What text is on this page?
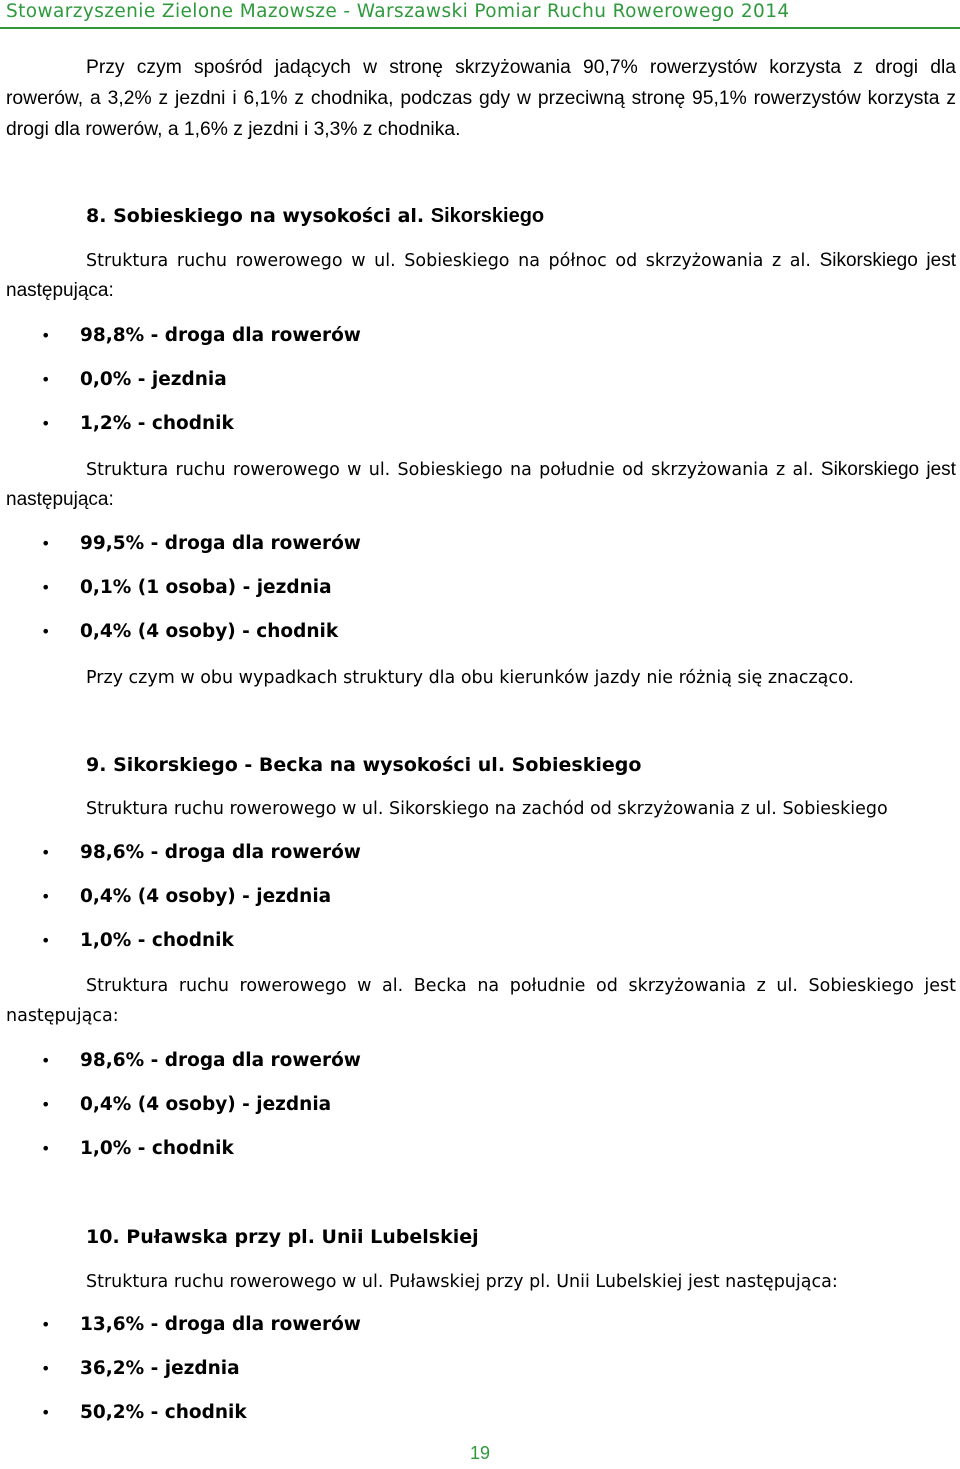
Stowarzyszenie Zielone Mazowsze - Warszawski Pomiar Ruchu Rowerowego 2014

Przy czym spośród jadących w stronę skrzyżowania 90,7% rowerzystów korzysta z drogi dla rowerów, a 3,2% z jezdni i 6,1% z chodnika, podczas gdy w przeciwną stronę 95,1% rowerzystów korzysta z drogi dla rowerów, a 1,6% z jezdni i 3,3% z chodnika.

8. Sobieskiego na wysokości al. Sikorskiego

Struktura ruchu rowerowego w ul. Sobieskiego na północ od skrzyżowania z al. Sikorskiego jest następująca:

• 98,8% - droga dla rowerów
• 0,0% - jezdnia
• 1,2% - chodnik

Struktura ruchu rowerowego w ul. Sobieskiego na południe od skrzyżowania z al. Sikorskiego jest następująca:

• 99,5% - droga dla rowerów
• 0,1% (1 osoba) - jezdnia
• 0,4% (4 osoby) - chodnik

Przy czym w obu wypadkach struktury dla obu kierunków jazdy nie różnią się znacząco.

9. Sikorskiego - Becka na wysokości ul. Sobieskiego

Struktura ruchu rowerowego w ul. Sikorskiego na zachód od skrzyżowania z ul. Sobieskiego

• 98,6% - droga dla rowerów
• 0,4% (4 osoby) - jezdnia
• 1,0% - chodnik

Struktura ruchu rowerowego w al. Becka na południe od skrzyżowania z ul. Sobieskiego jest następująca:

• 98,6% - droga dla rowerów
• 0,4% (4 osoby) - jezdnia
• 1,0% - chodnik
10. Puławska przy pl. Unii Lubelskiej

Struktura ruchu rowerowego w ul. Puławskiej przy pl. Unii Lubelskiej jest następująca:

• 13,6% - droga dla rowerów
• 36,2% - jezdnia
• 50,2% - chodnik
19
